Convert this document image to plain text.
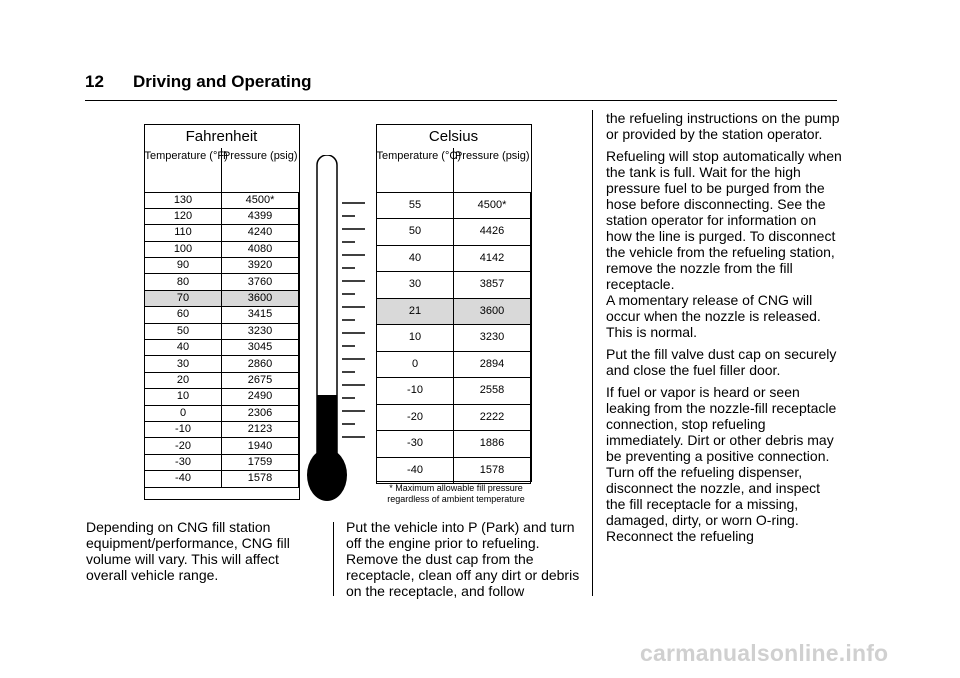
12 Driving and Operating
Fahrenheit	
Temperature (°F)	Pressure (psig)
130	4500*
120	4399
110	4240
100	4080
90	3920
80	3760
70	3600
60	3415
50	3230
40	3045
30	2860
20	2675
10	2490
0	2306
-10	2123
-20	1940
-30	1759
-40	1578
Celsius	
Temperature (°C)	Pressure (psig)
55	4500*
50	4426
40	4142
30	3857
21	3600
10	3230
0	2894
-10	2558
-20	2222
-30	1886
-40	1578
* Maximum allowable fill pressure regardless of ambient temperature

Depending on CNG fill station equipment/performance, CNG fill volume will vary. This will affect overall vehicle range.

Put the vehicle into P (Park) and turn off the engine prior to refueling. Remove the dust cap from the receptacle, clean off any dirt or debris on the receptacle, and follow

the refueling instructions on the pump or provided by the station operator.

Refueling will stop automatically when the tank is full. Wait for the high pressure fuel to be purged from the hose before disconnecting. See the station operator for information on how the line is purged. To disconnect the vehicle from the refueling station, remove the nozzle from the fill receptacle.
A momentary release of CNG will occur when the nozzle is released. This is normal.

Put the fill valve dust cap on securely and close the fuel filler door.

If fuel or vapor is heard or seen leaking from the nozzle-fill receptacle connection, stop refueling immediately. Dirt or other debris may be preventing a positive connection. Turn off the refueling dispenser, disconnect the nozzle, and inspect the fill receptacle for a missing, damaged, dirty, or worn O-ring. Reconnect the refueling

carmanualsonline.info
